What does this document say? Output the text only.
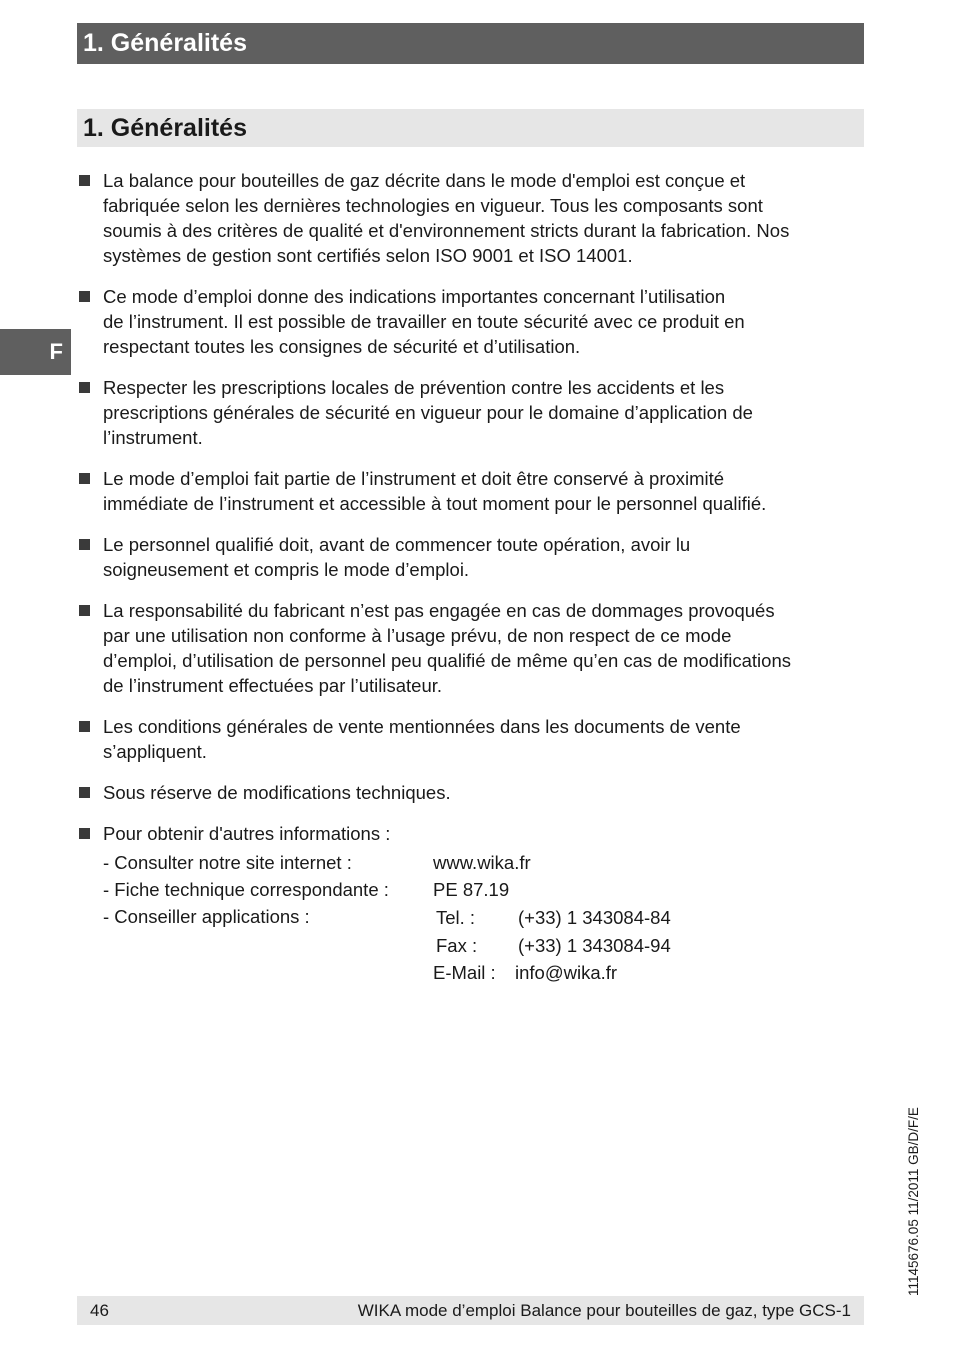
1. Généralités
1. Généralités
F
La balance pour bouteilles de gaz décrite dans le mode d'emploi est conçue et
fabriquée selon les dernières technologies en vigueur. Tous les composants sont
soumis à des critères de qualité et d'environnement stricts durant la fabrication. Nos
systèmes de gestion sont certifiés selon ISO 9001 et ISO 14001.
Ce mode d’emploi donne des indications importantes concernant l’utilisation
de l’instrument. Il est possible de travailler en toute sécurité avec ce produit en
respectant toutes les consignes de sécurité et d’utilisation.
Respecter les prescriptions locales de prévention contre les accidents et les
prescriptions générales de sécurité en vigueur pour le domaine d’application de
l’instrument.
Le mode d’emploi fait partie de l’instrument et doit être conservé à proximité
immédiate de l’instrument et accessible à tout moment pour le personnel qualifié.
Le personnel qualifié doit, avant de commencer toute opération, avoir lu
soigneusement et compris le mode d’emploi.
La responsabilité du fabricant n’est pas engagée en cas de dommages provoqués
par une utilisation non conforme à l’usage prévu, de non respect de ce mode
d’emploi, d’utilisation de personnel peu qualifié de même qu’en cas de modifications
de l’instrument effectuées par l’utilisateur.
Les conditions générales de vente mentionnées dans les documents de vente
s’appliquent.
Sous réserve de modifications techniques.
Pour obtenir d'autres informations :
- Consulter notre site internet :	www.wika.fr
- Fiche technique correspondante : PE 87.19
- Conseiller applications :	Tel. : (+33) 1 343084-84
Fax : (+33) 1 343084-94
E-Mail : info@wika.fr
46	WIKA mode d’emploi Balance pour bouteilles de gaz, type GCS-1
11145676.05 11/2011 GB/D/F/E
